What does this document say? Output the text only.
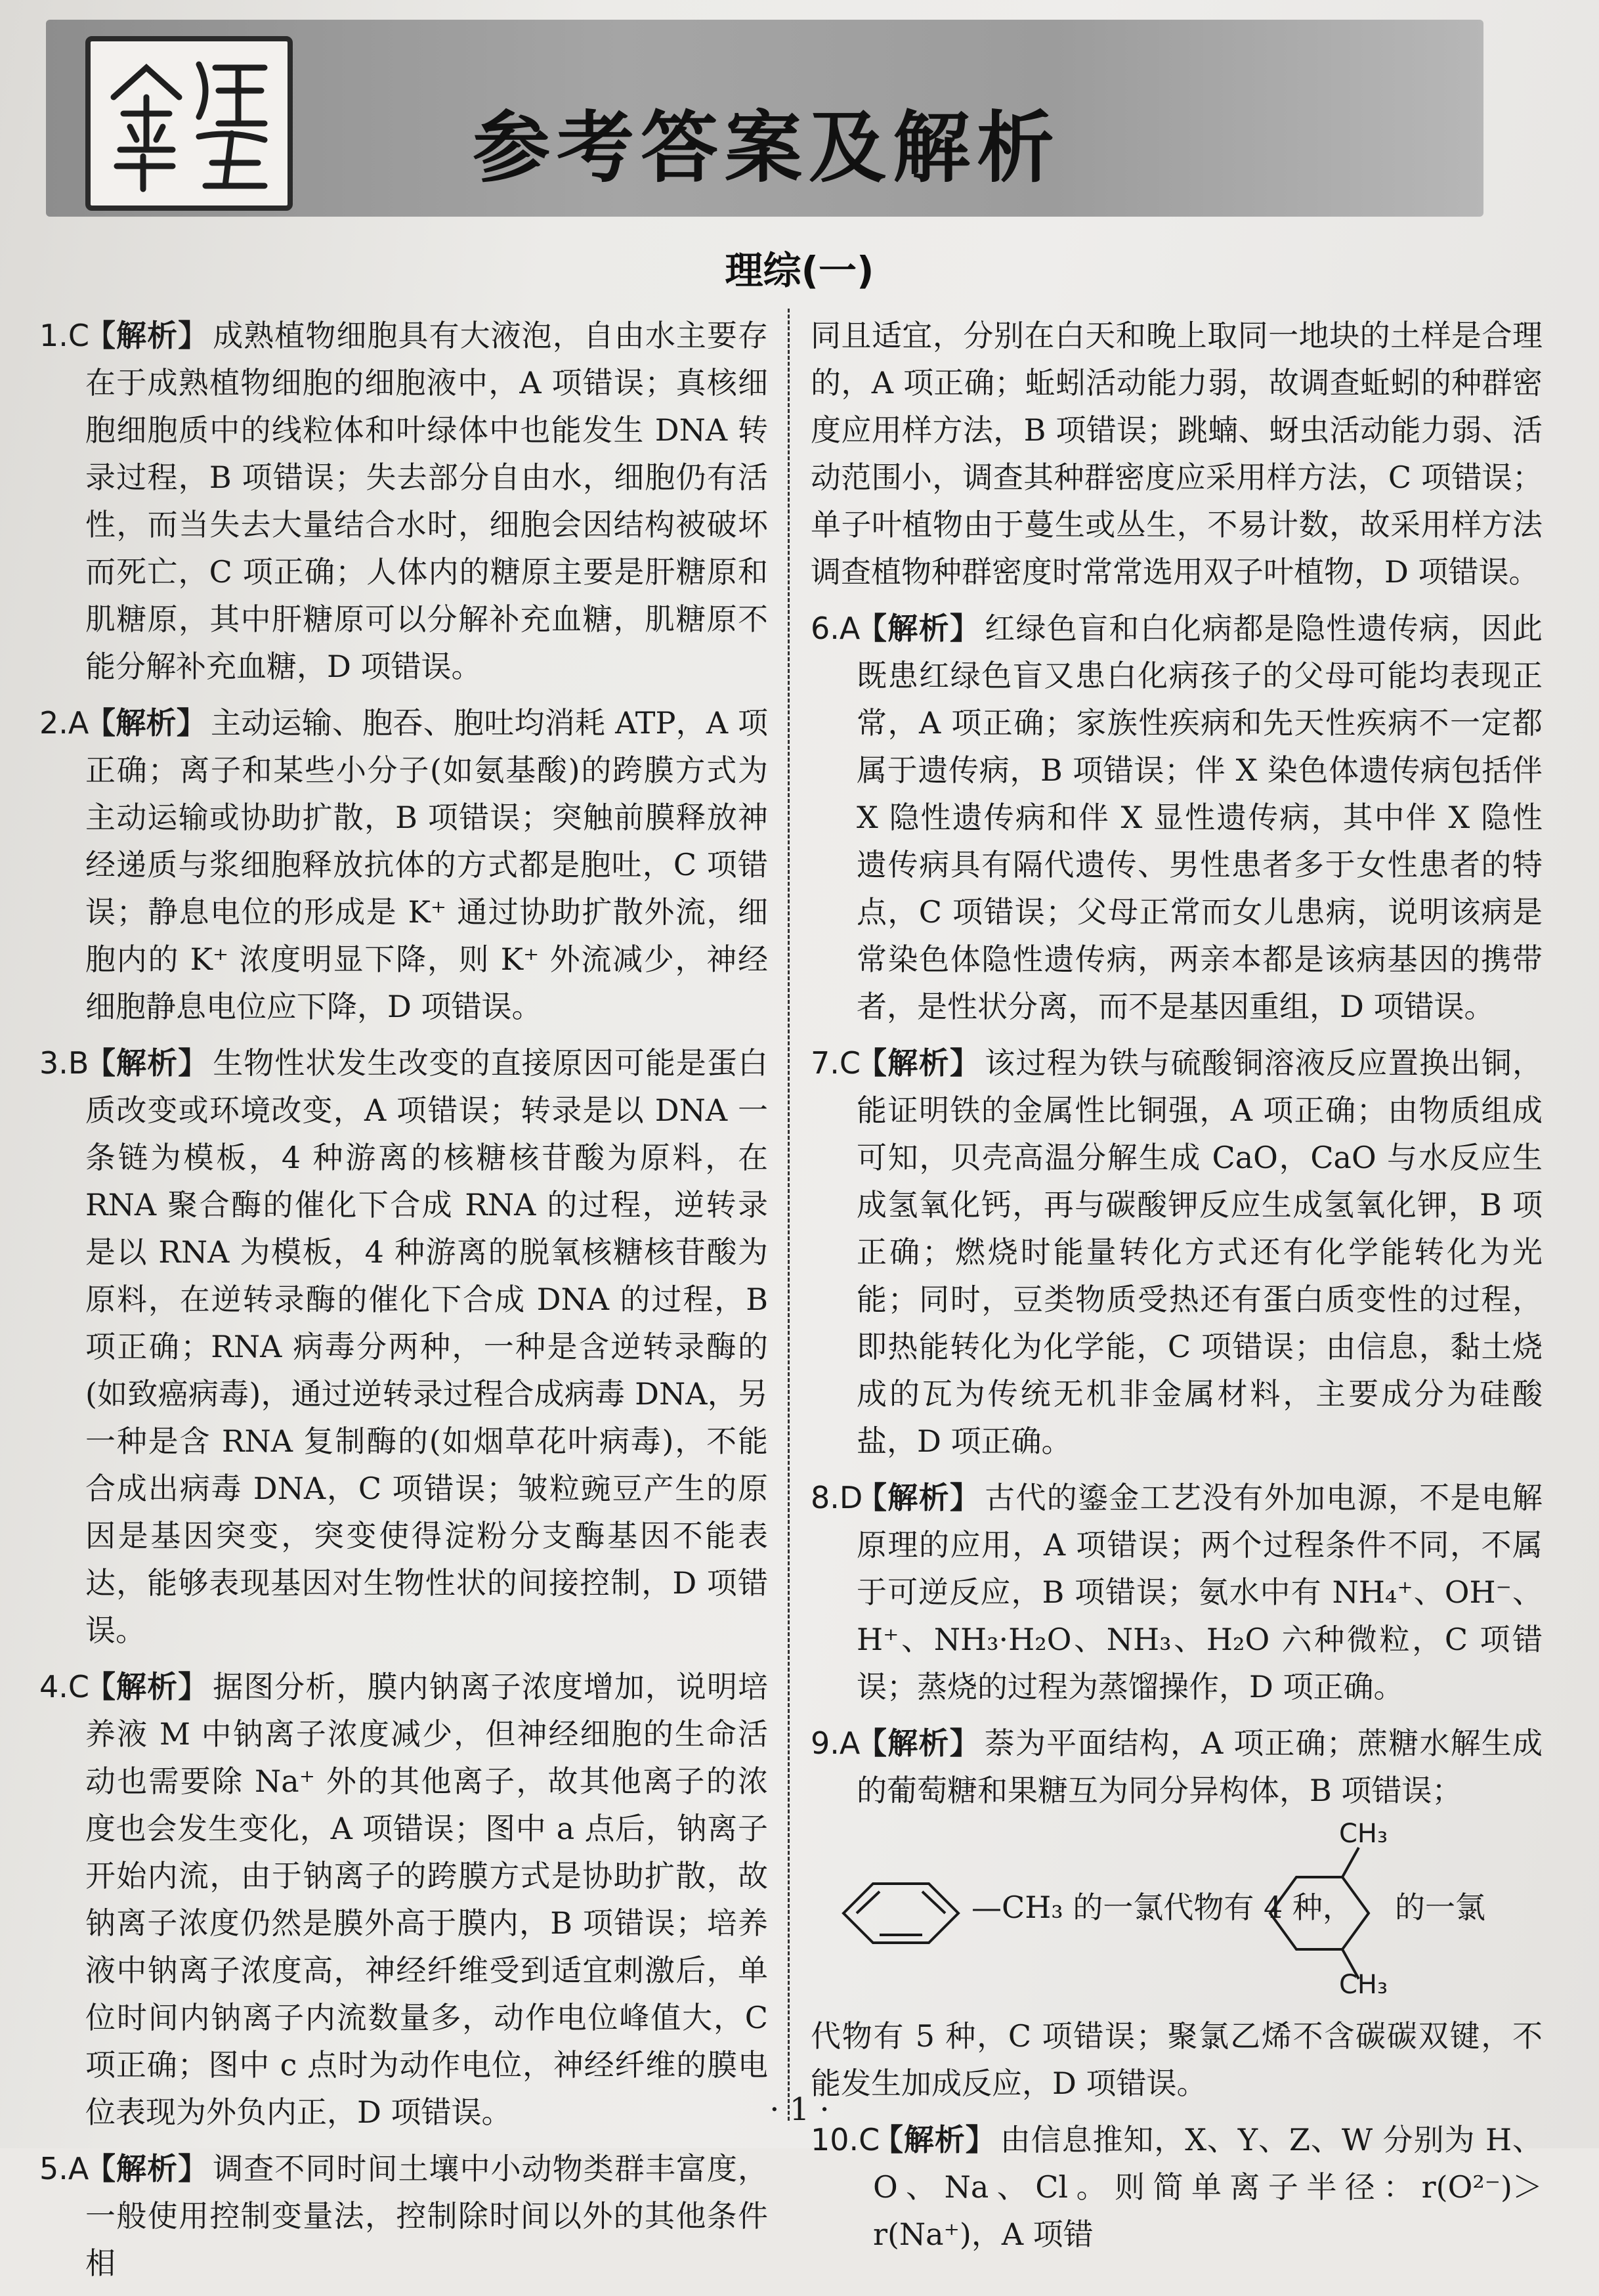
参考答案及解析
理综(一)

1.C
【解析】 成熟植物细胞具有大液泡，自由水主要存在于成熟植物细胞的细胞液中，A 项错误；真核细胞细胞质中的线粒体和叶绿体中也能发生 DNA 转录过程，B 项错误；失去部分自由水，细胞仍有活性，而当失去大量结合水时，细胞会因结构被破坏而死亡，C 项正确；人体内的糖原主要是肝糖原和肌糖原，其中肝糖原可以分解补充血糖，肌糖原不能分解补充血糖，D 项错误。

2.A
【解析】 主动运输、胞吞、胞吐均消耗 ATP，A 项正确；离子和某些小分子(如氨基酸)的跨膜方式为主动运输或协助扩散，B 项错误；突触前膜释放神经递质与浆细胞释放抗体的方式都是胞吐，C 项错误；静息电位的形成是 K⁺ 通过协助扩散外流，细胞内的 K⁺ 浓度明显下降，则 K⁺ 外流减少，神经细胞静息电位应下降，D 项错误。

3.B
【解析】 生物性状发生改变的直接原因可能是蛋白质改变或环境改变，A 项错误；转录是以 DNA 一条链为模板，4 种游离的核糖核苷酸为原料，在 RNA 聚合酶的催化下合成 RNA 的过程，逆转录是以 RNA 为模板，4 种游离的脱氧核糖核苷酸为原料，在逆转录酶的催化下合成 DNA 的过程，B 项正确；RNA 病毒分两种，一种是含逆转录酶的(如致癌病毒)，通过逆转录过程合成病毒 DNA，另一种是含 RNA 复制酶的(如烟草花叶病毒)，不能合成出病毒 DNA，C 项错误；皱粒豌豆产生的原因是基因突变，突变使得淀粉分支酶基因不能表达，能够表现基因对生物性状的间接控制，D 项错误。

4.C
【解析】 据图分析，膜内钠离子浓度增加，说明培养液 M 中钠离子浓度减少，但神经细胞的生命活动也需要除 Na⁺ 外的其他离子，故其他离子的浓度也会发生变化，A 项错误；图中 a 点后，钠离子开始内流，由于钠离子的跨膜方式是协助扩散，故钠离子浓度仍然是膜外高于膜内，B 项错误；培养液中钠离子浓度高，神经纤维受到适宜刺激后，单位时间内钠离子内流数量多，动作电位峰值大，C 项正确；图中 c 点时为动作电位，神经纤维的膜电位表现为外负内正，D 项错误。

5.A
【解析】 调查不同时间土壤中小动物类群丰富度，一般使用控制变量法，控制除时间以外的其他条件相

同且适宜，分别在白天和晚上取同一地块的土样是合理的，A 项正确；蚯蚓活动能力弱，故调查蚯蚓的种群密度应用样方法，B 项错误；跳蝻、蚜虫活动能力弱、活动范围小，调查其种群密度应采用样方法，C 项错误；单子叶植物由于蔓生或丛生，不易计数，故采用样方法调查植物种群密度时常常选用双子叶植物，D 项错误。

6.A
【解析】 红绿色盲和白化病都是隐性遗传病，因此既患红绿色盲又患白化病孩子的父母可能均表现正常，A 项正确；家族性疾病和先天性疾病不一定都属于遗传病，B 项错误；伴 X 染色体遗传病包括伴 X 隐性遗传病和伴 X 显性遗传病，其中伴 X 隐性遗传病具有隔代遗传、男性患者多于女性患者的特点，C 项错误；父母正常而女儿患病，说明该病是常染色体隐性遗传病，两亲本都是该病基因的携带者，是性状分离，而不是基因重组，D 项错误。

7.C
【解析】 该过程为铁与硫酸铜溶液反应置换出铜，能证明铁的金属性比铜强，A 项正确；由物质组成可知，贝壳高温分解生成 CaO，CaO 与水反应生成氢氧化钙，再与碳酸钾反应生成氢氧化钾，B 项正确；燃烧时能量转化方式还有化学能转化为光能；同时，豆类物质受热还有蛋白质变性的过程，即热能转化为化学能，C 项错误；由信息，黏土烧成的瓦为传统无机非金属材料，主要成分为硅酸盐，D 项正确。

8.D
【解析】 古代的鎏金工艺没有外加电源，不是电解原理的应用，A 项错误；两个过程条件不同，不属于可逆反应，B 项错误；氨水中有 NH₄⁺、OH⁻、H⁺、NH₃·H₂O、NH₃、H₂O 六种微粒，C 项错误；蒸烧的过程为蒸馏操作，D 项正确。

9.A
【解析】 萘为平面结构，A 项正确；蔗糖水解生成的葡萄糖和果糖互为同分异构体，B 项错误；

—CH₃ 的一氯代物有 4 种，
CH₃
CH₃
的一氯

代物有 5 种，C 项错误；聚氯乙烯不含碳碳双键，不能发生加成反应，D 项错误。

10.C
【解析】 由信息推知，X、Y、Z、W 分别为 H、O、Na、Cl。则简单离子半径：r(O²⁻)＞r(Na⁺)，A 项错

· 1 ·
